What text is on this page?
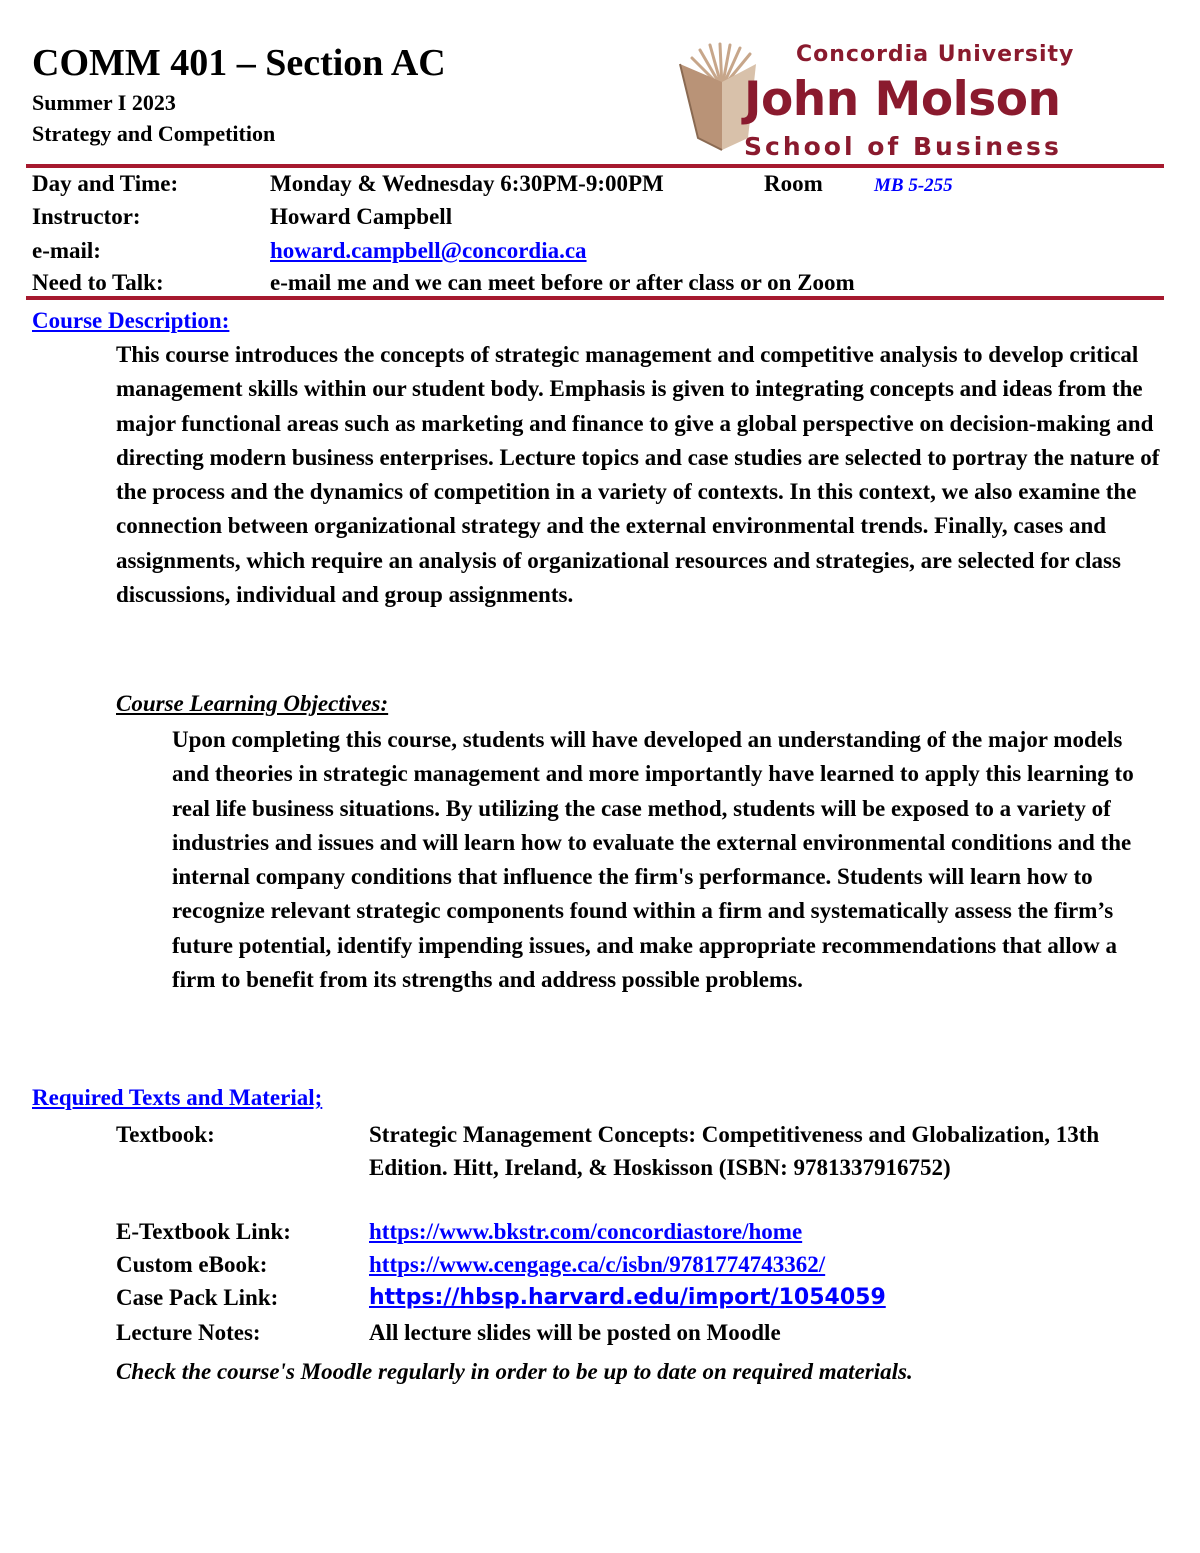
COMM 401 – Section AC
Summer I 2023
Strategy and Competition
Concordia University
John Molson
School of Business
Day and Time:	Monday & Wednesday 6:30PM-9:00PM	Room	MB 5-255
Instructor:	Howard Campbell
e-mail:	howard.campbell@concordia.ca
Need to Talk:	e-mail me and we can meet before or after class or on Zoom
Course Description:
This course introduces the concepts of strategic management and competitive analysis to develop critical management skills within our student body. Emphasis is given to integrating concepts and ideas from the major functional areas such as marketing and finance to give a global perspective on decision-making and directing modern business enterprises. Lecture topics and case studies are selected to portray the nature of the process and the dynamics of competition in a variety of contexts. In this context, we also examine the connection between organizational strategy and the external environmental trends. Finally, cases and assignments, which require an analysis of organizational resources and strategies, are selected for class discussions, individual and group assignments.
Course Learning Objectives:
Upon completing this course, students will have developed an understanding of the major models and theories in strategic management and more importantly have learned to apply this learning to real life business situations. By utilizing the case method, students will be exposed to a variety of industries and issues and will learn how to evaluate the external environmental conditions and the internal company conditions that influence the firm's performance. Students will learn how to recognize relevant strategic components found within a firm and systematically assess the firm’s future potential, identify impending issues, and make appropriate recommendations that allow a firm to benefit from its strengths and address possible problems.
Required Texts and Material;
Textbook:	Strategic Management Concepts: Competitiveness and Globalization, 13th Edition. Hitt, Ireland, & Hoskisson (ISBN: 9781337916752)
E-Textbook Link:	https://www.bkstr.com/concordiastore/home
Custom eBook:	https://www.cengage.ca/c/isbn/9781774743362/
Case Pack Link:	https://hbsp.harvard.edu/import/1054059
Lecture Notes:	All lecture slides will be posted on Moodle
Check the course's Moodle regularly in order to be up to date on required materials.
